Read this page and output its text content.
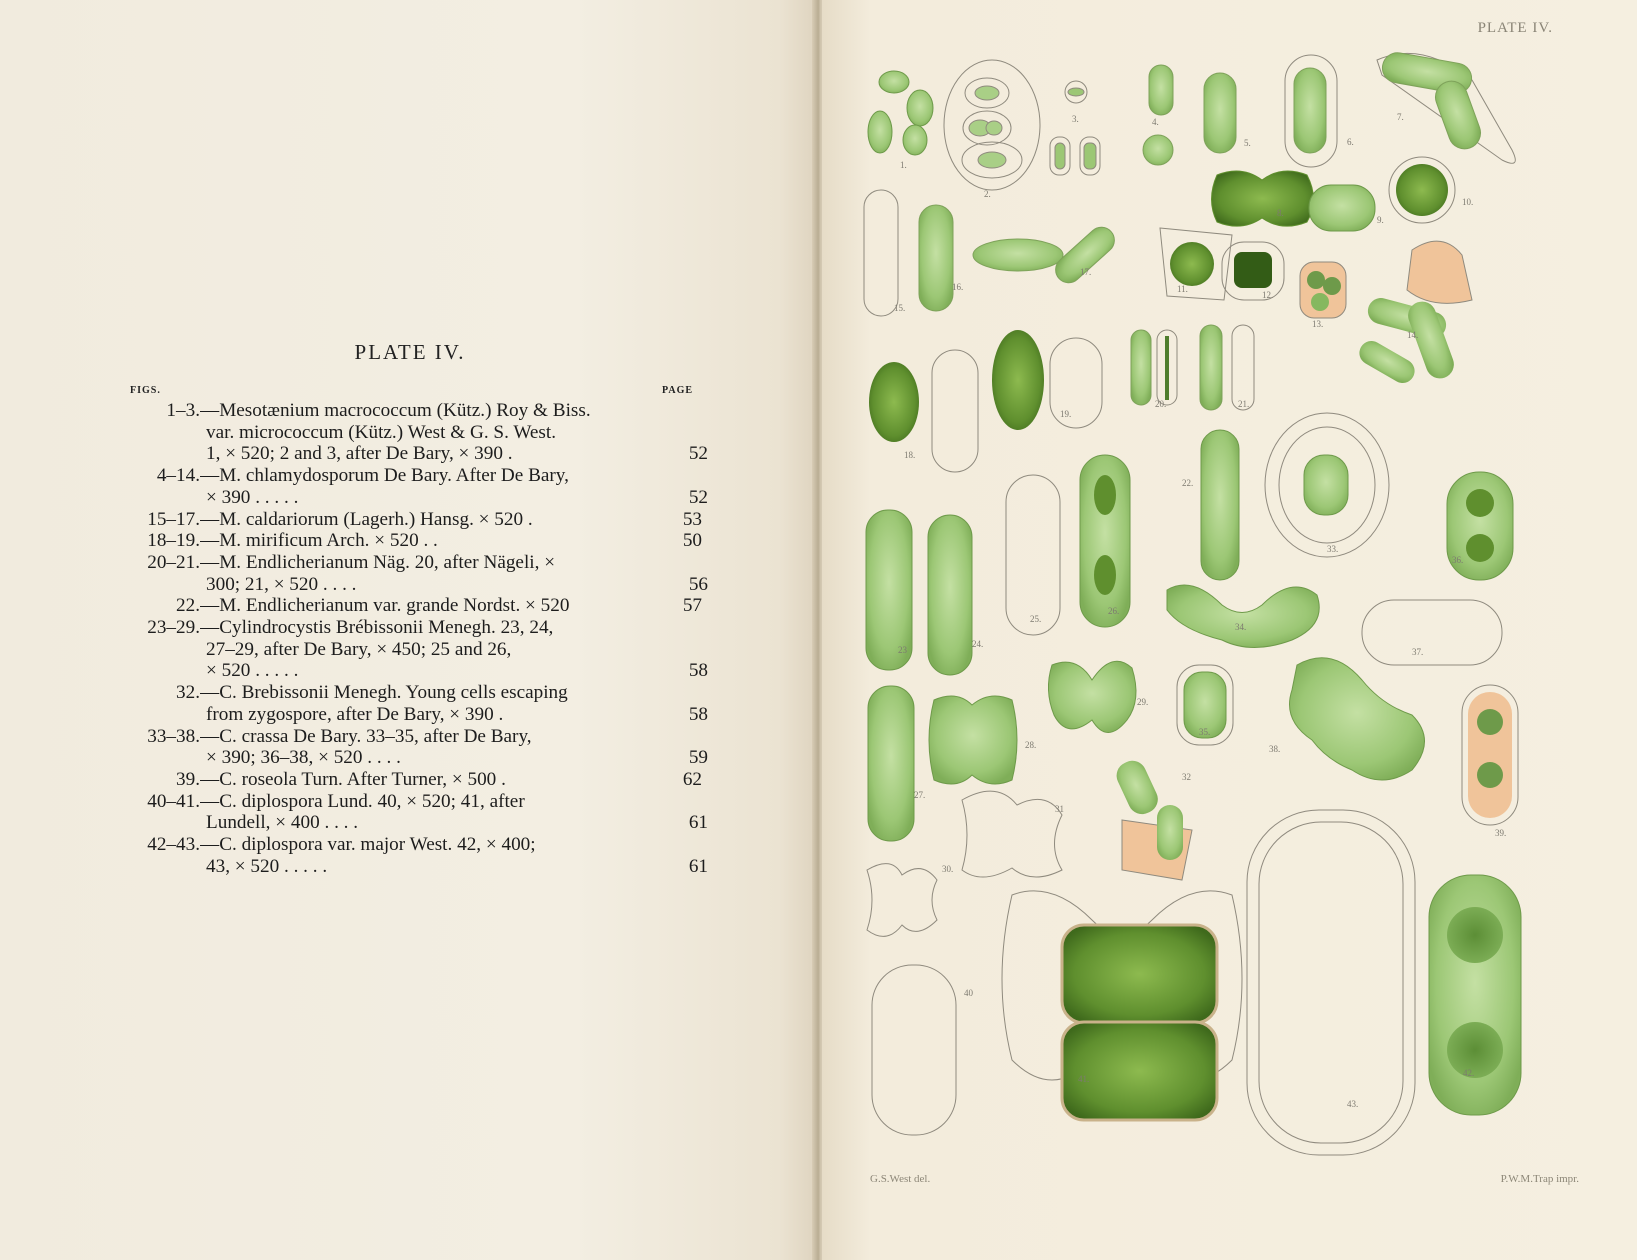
PLATE IV.
FIGS.	PAGE
1–3. —Mesotænium macrococcum (Kütz.) Roy & Biss.
var. micrococcum (Kütz.) West & G. S. West.
1, × 520; 2 and 3, after De Bary, × 390 .	52
4–14. —M. chlamydosporum De Bary. After De Bary,
× 390 . . . . .	52
15–17. —M. caldariorum (Lagerh.) Hansg. × 520 .	53
18–19. —M. mirificum Arch. × 520 . .	50
20–21. —M. Endlicherianum Näg. 20, after Nägeli, ×
300; 21, × 520 . . . .	56
22. —M. Endlicherianum var. grande Nordst. × 520	57
23–29. —Cylindrocystis Brébissonii Menegh. 23, 24,
27–29, after De Bary, × 450; 25 and 26,
× 520 . . . . .	58
32. —C. Brebissonii Menegh. Young cells escaping
from zygospore, after De Bary, × 390 .	58
33–38. —C. crassa De Bary. 33–35, after De Bary,
× 390; 36–38, × 520 . . . .	59
39. —C. roseola Turn. After Turner, × 500 .	62
40–41. —C. diplospora Lund. 40, × 520; 41, after
Lundell, × 400 . . . .	61
42–43. —C. diplospora var. major West. 42, × 400;
43, × 520 . . . . .	61
PLATE IV.
G.S.West del.	P.W.M.Trap impr.
1.
2.
3.	4.
5.	6.
7.
8.
9.
10.
11.
12.
13.
14.
15.
16.
17.
18.
19.
20.	21.
22.
23
24.
25.
26.
27.
28.
29.
30.
31
32
33.
34.
35.
36.
37.
38.
39.
40
41.
42.
43.
